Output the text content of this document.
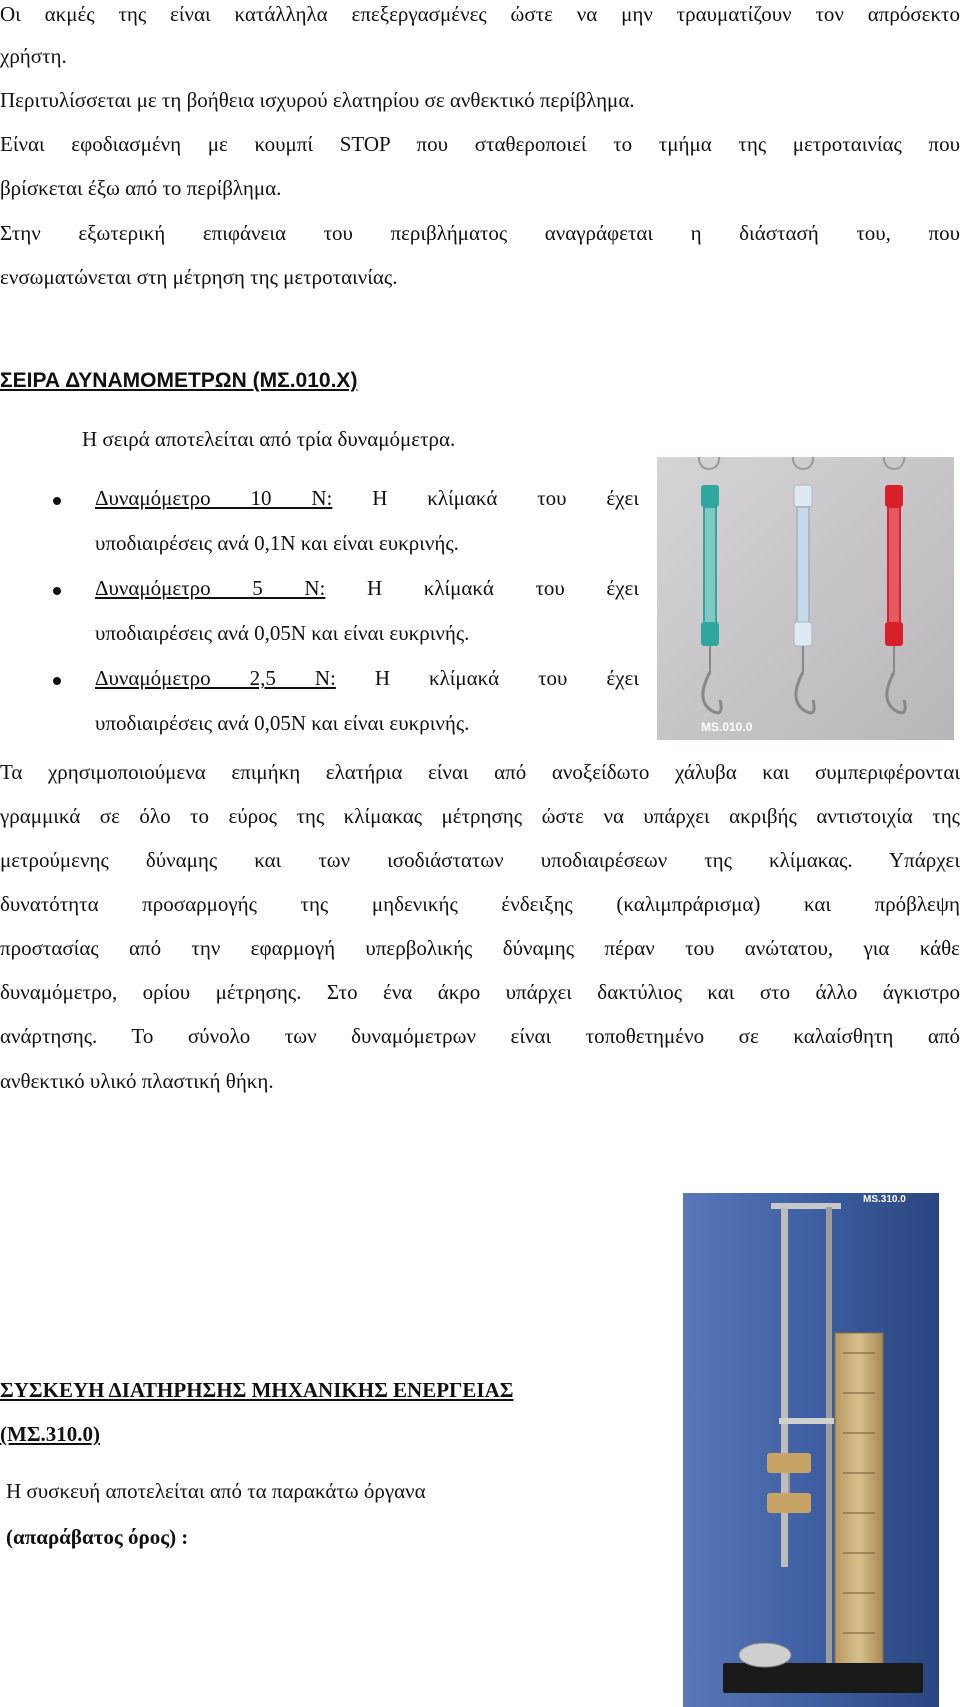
Οι ακμές της είναι κατάλληλα επεξεργασμένες ώστε να μην τραυματίζουν τον απρόσεκτο
χρήστη.
Περιτυλίσσεται με τη βοήθεια ισχυρού ελατηρίου σε ανθεκτικό περίβλημα.
Είναι εφοδιασμένη με κουμπί STOP που σταθεροποιεί το τμήμα της μετροταινίας που
βρίσκεται έξω από το περίβλημα.
Στην εξωτερική επιφάνεια του περιβλήματος αναγράφεται η διάστασή του, που
ενσωματώνεται στη μέτρηση της μετροταινίας.
ΣΕΙΡΑ ΔΥΝΑΜΟΜΕΤΡΩΝ (ΜΣ.010.Χ)
Η σειρά αποτελείται από τρία δυναμόμετρα.
Δυναμόμετρο 10 Ν: Η κλίμακά του έχει
υποδιαιρέσεις ανά 0,1Ν και είναι ευκρινής.
Δυναμόμετρο 5 Ν: Η κλίμακά του έχει
υποδιαιρέσεις ανά 0,05Ν και είναι ευκρινής.
Δυναμόμετρο 2,5 Ν: Η κλίμακά του έχει
υποδιαιρέσεις ανά 0,05Ν και είναι ευκρινής.	MS.010.0
Τα χρησιμοποιούμενα επιμήκη ελατήρια είναι από ανοξείδωτο χάλυβα και συμπεριφέρονται
γραμμικά σε όλο το εύρος της κλίμακας μέτρησης ώστε να υπάρχει ακριβής αντιστοιχία της
μετρούμενης δύναμης και των ισοδιάστατων υποδιαιρέσεων της κλίμακας. Υπάρχει
δυνατότητα προσαρμογής της μηδενικής ένδειξης (καλιμπράρισμα) και πρόβλεψη
προστασίας από την εφαρμογή υπερβολικής δύναμης πέραν του ανώτατου, για κάθε
δυναμόμετρο, ορίου μέτρησης. Στο ένα άκρο υπάρχει δακτύλιος και στο άλλο άγκιστρο
ανάρτησης. Το σύνολο των δυναμόμετρων είναι τοποθετημένο σε καλαίσθητη από
ανθεκτικό υλικό πλαστική θήκη.
ΣΥΣΚΕΥΗ ΔΙΑΤΗΡΗΣΗΣ ΜΗΧΑΝΙΚΗΣ ΕΝΕΡΓΕΙΑΣ
(ΜΣ.310.0)
Η συσκευή αποτελείται από τα παρακάτω όργανα
(απαράβατος όρος) :
MS.310.0
